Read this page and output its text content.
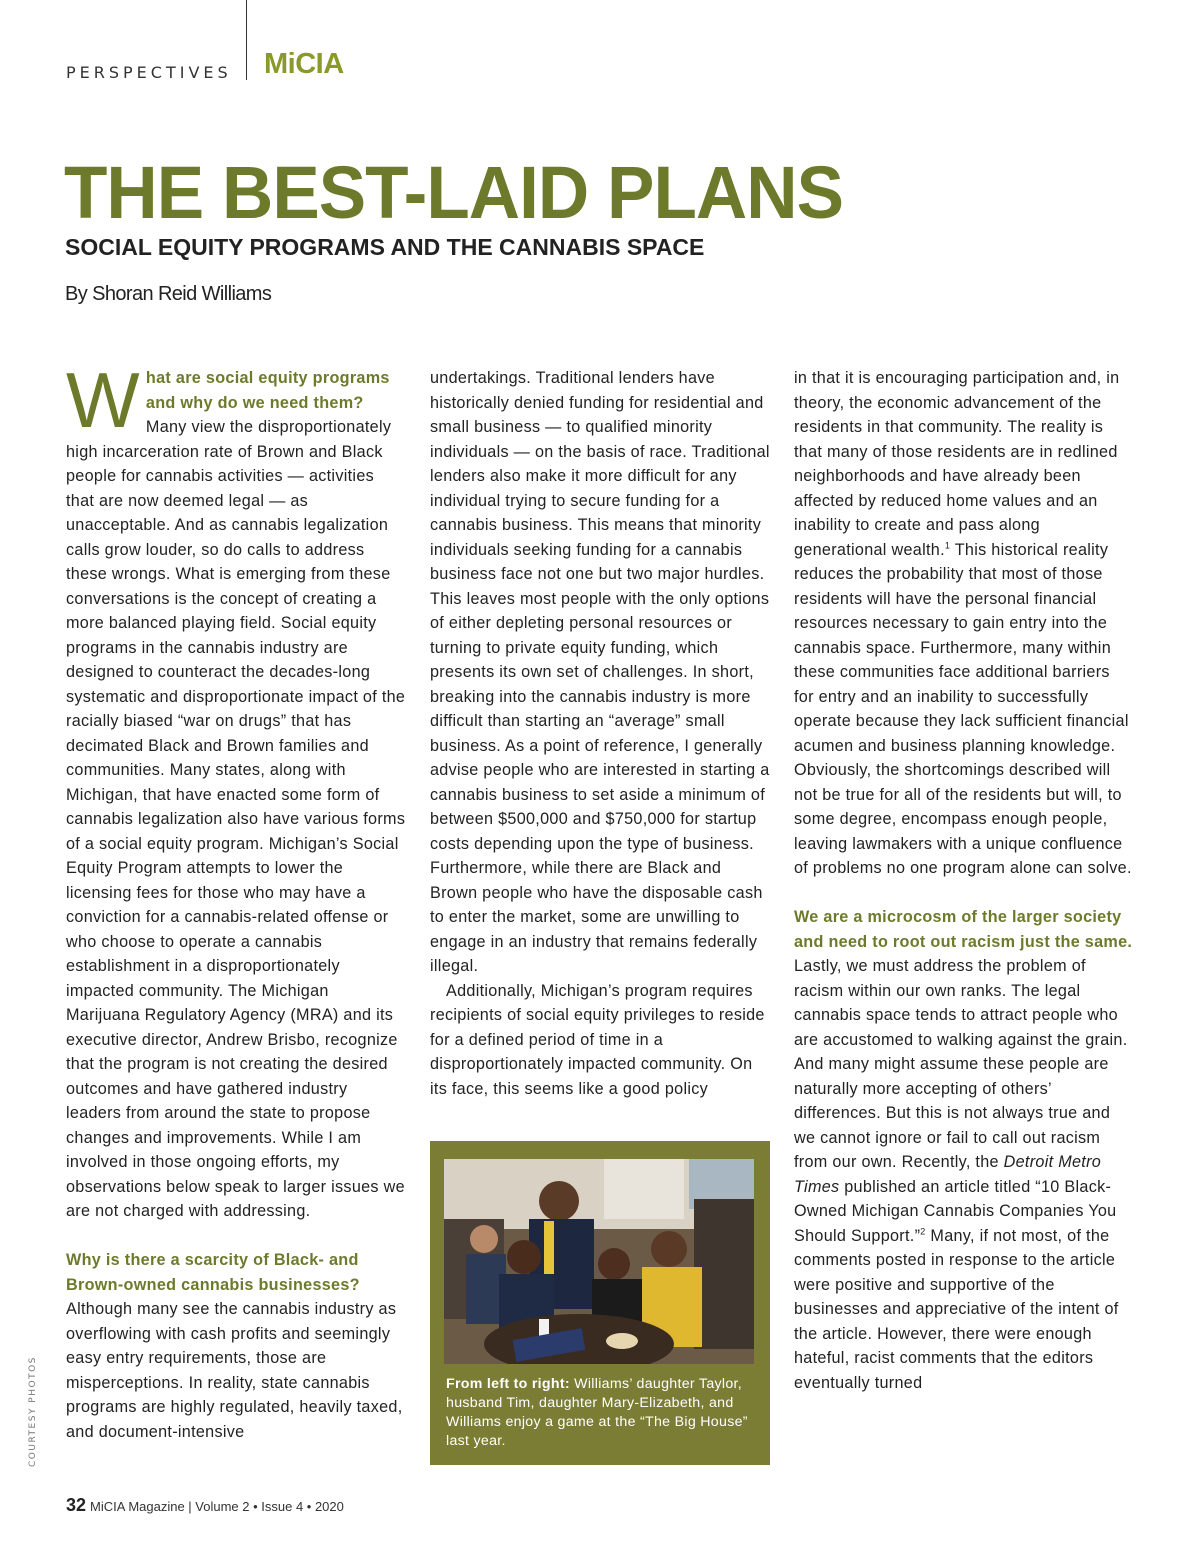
PERSPECTIVES MiCIA
THE BEST-LAID PLANS
SOCIAL EQUITY PROGRAMS AND THE CANNABIS SPACE
By Shoran Reid Williams

What are social equity programs and why do we need them? Many view the disproportionately high incarceration rate of Brown and Black people for cannabis activities — activities that are now deemed legal — as unacceptable. And as cannabis legalization calls grow louder, so do calls to address these wrongs. What is emerging from these conversations is the concept of creating a more balanced playing field. Social equity programs in the cannabis industry are designed to counteract the decades-long systematic and disproportionate impact of the racially biased “war on drugs” that has decimated Black and Brown families and communities. Many states, along with Michigan, that have enacted some form of cannabis legalization also have various forms of a social equity program. Michigan’s Social Equity Program attempts to lower the licensing fees for those who may have a conviction for a cannabis-related offense or who choose to operate a cannabis establishment in a disproportionately impacted community. The Michigan Marijuana Regulatory Agency (MRA) and its executive director, Andrew Brisbo, recognize that the program is not creating the desired outcomes and have gathered industry leaders from around the state to propose changes and improvements. While I am involved in those ongoing efforts, my observations below speak to larger issues we are not charged with addressing.

Why is there a scarcity of Black- and Brown-owned cannabis businesses?

Although many see the cannabis industry as overflowing with cash profits and seemingly easy entry requirements, those are misperceptions. In reality, state cannabis programs are highly regulated, heavily taxed, and document-intensive

undertakings. Traditional lenders have historically denied funding for residential and small business — to qualified minority individuals — on the basis of race. Traditional lenders also make it more difficult for any individual trying to secure funding for a cannabis business. This means that minority individuals seeking funding for a cannabis business face not one but two major hurdles. This leaves most people with the only options of either depleting personal resources or turning to private equity funding, which presents its own set of challenges. In short, breaking into the cannabis industry is more difficult than starting an “average” small business. As a point of reference, I generally advise people who are interested in starting a cannabis business to set aside a minimum of between $500,000 and $750,000 for startup costs depending upon the type of business. Furthermore, while there are Black and Brown people who have the disposable cash to enter the market, some are unwilling to engage in an industry that remains federally illegal.

Additionally, Michigan’s program requires recipients of social equity privileges to reside for a defined period of time in a disproportionately impacted community. On its face, this seems like a good policy

From left to right: Williams’ daughter Taylor, husband Tim, daughter Mary-Elizabeth, and Williams enjoy a game at the “The Big House” last year.

in that it is encouraging participation and, in theory, the economic advancement of the residents in that community. The reality is that many of those residents are in redlined neighborhoods and have already been affected by reduced home values and an inability to create and pass along generational wealth.$^1$ This historical reality reduces the probability that most of those residents will have the personal financial resources necessary to gain entry into the cannabis space. Furthermore, many within these communities face additional barriers for entry and an inability to successfully operate because they lack sufficient financial acumen and business planning knowledge. Obviously, the shortcomings described will not be true for all of the residents but will, to some degree, encompass enough people, leaving lawmakers with a unique confluence of problems no one program alone can solve.

We are a microcosm of the larger society and need to root out racism just the same.

Lastly, we must address the problem of racism within our own ranks. The legal cannabis space tends to attract people who are accustomed to walking against the grain. And many might assume these people are naturally more accepting of others’ differences. But this is not always true and we cannot ignore or fail to call out racism from our own. Recently, the Detroit Metro Times published an article titled “10 Black-Owned Michigan Cannabis Companies You Should Support.”$^2$ Many, if not most, of the comments posted in response to the article were positive and supportive of the businesses and appreciative of the intent of the article. However, there were enough hateful, racist comments that the editors eventually turned

COURTESY PHOTOS
32 MiCIA Magazine | Volume 2 • Issue 4 • 2020
